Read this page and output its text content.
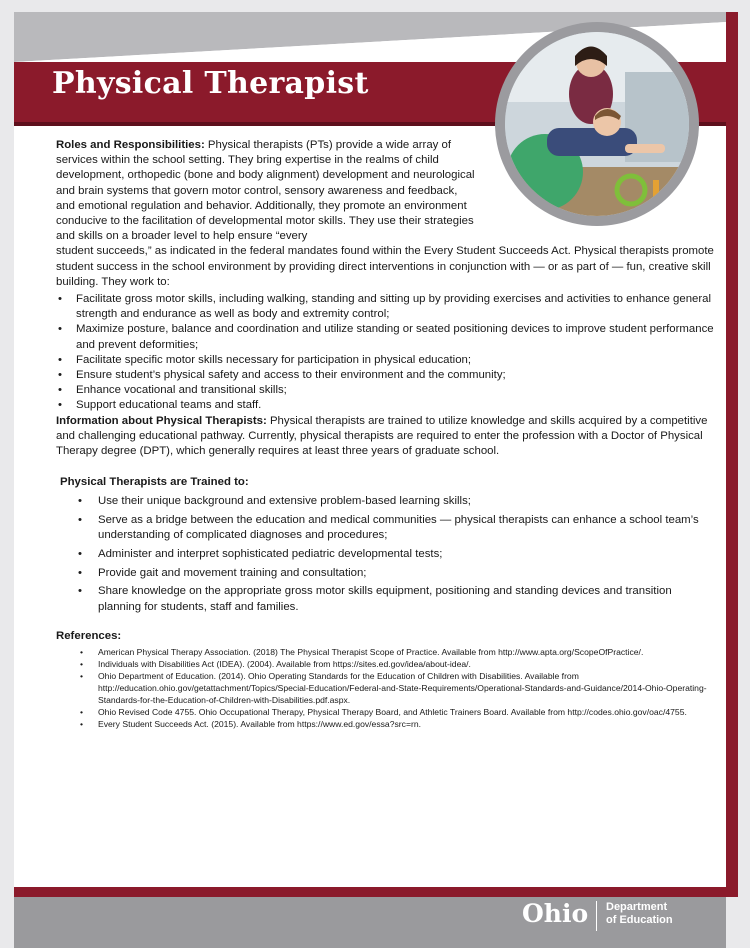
Physical Therapist

Roles and Responsibilities: Physical therapists (PTs) provide a wide array of services within the school setting. They bring expertise in the realms of child development, orthopedic (bone and body alignment) development and neurological and brain systems that govern motor control, sensory awareness and feedback, and emotional regulation and behavior. Additionally, they promote an environment conducive to the facilitation of developmental motor skills. They use their strategies and skills on a broader level to help ensure “every

student succeeds,” as indicated in the federal mandates found within the Every Student Succeeds Act. Physical therapists promote student success in the school environment by providing direct interventions in conjunction with — or as part of — fun, creative skill building. They work to:

• Facilitate gross motor skills, including walking, standing and sitting up by providing exercises and activities to enhance general strength and endurance as well as body and extremity control;
• Maximize posture, balance and coordination and utilize standing or seated positioning devices to improve student performance and prevent deformities;
• Facilitate specific motor skills necessary for participation in physical education;
• Ensure student’s physical safety and access to their environment and the community;
• Enhance vocational and transitional skills;
• Support educational teams and staff.

Information about Physical Therapists: Physical therapists are trained to utilize knowledge and skills acquired by a competitive and challenging educational pathway. Currently, physical therapists are required to enter the profession with a Doctor of Physical Therapy degree (DPT), which generally requires at least three years of graduate school.

Physical Therapists are Trained to:
• Use their unique background and extensive problem-based learning skills;
• Serve as a bridge between the education and medical communities — physical therapists can enhance a school team’s understanding of complicated diagnoses and procedures;
• Administer and interpret sophisticated pediatric developmental tests;
• Provide gait and movement training and consultation;
• Share knowledge on the appropriate gross motor skills equipment, positioning and standing devices and transition planning for students, staff and families.
References:
• American Physical Therapy Association. (2018) The Physical Therapist Scope of Practice. Available from http://www.apta.org/ScopeOfPractice/.
• Individuals with Disabilities Act (IDEA). (2004). Available from https://sites.ed.gov/idea/about-idea/.
• Ohio Department of Education. (2014). Ohio Operating Standards for the Education of Children with Disabilities. Available from http://education.ohio.gov/getattachment/Topics/Special-Education/Federal-and-State-Requirements/Operational-Standards-and-Guidance/2014-Ohio-Operating-Standards-for-the-Education-of-Children-with-Disabilities.pdf.aspx.
• Ohio Revised Code 4755. Ohio Occupational Therapy, Physical Therapy Board, and Athletic Trainers Board. Available from http://codes.ohio.gov/oac/4755.
• Every Student Succeeds Act. (2015). Available from https://www.ed.gov/essa?src=rn.
Ohio Department
of Education
